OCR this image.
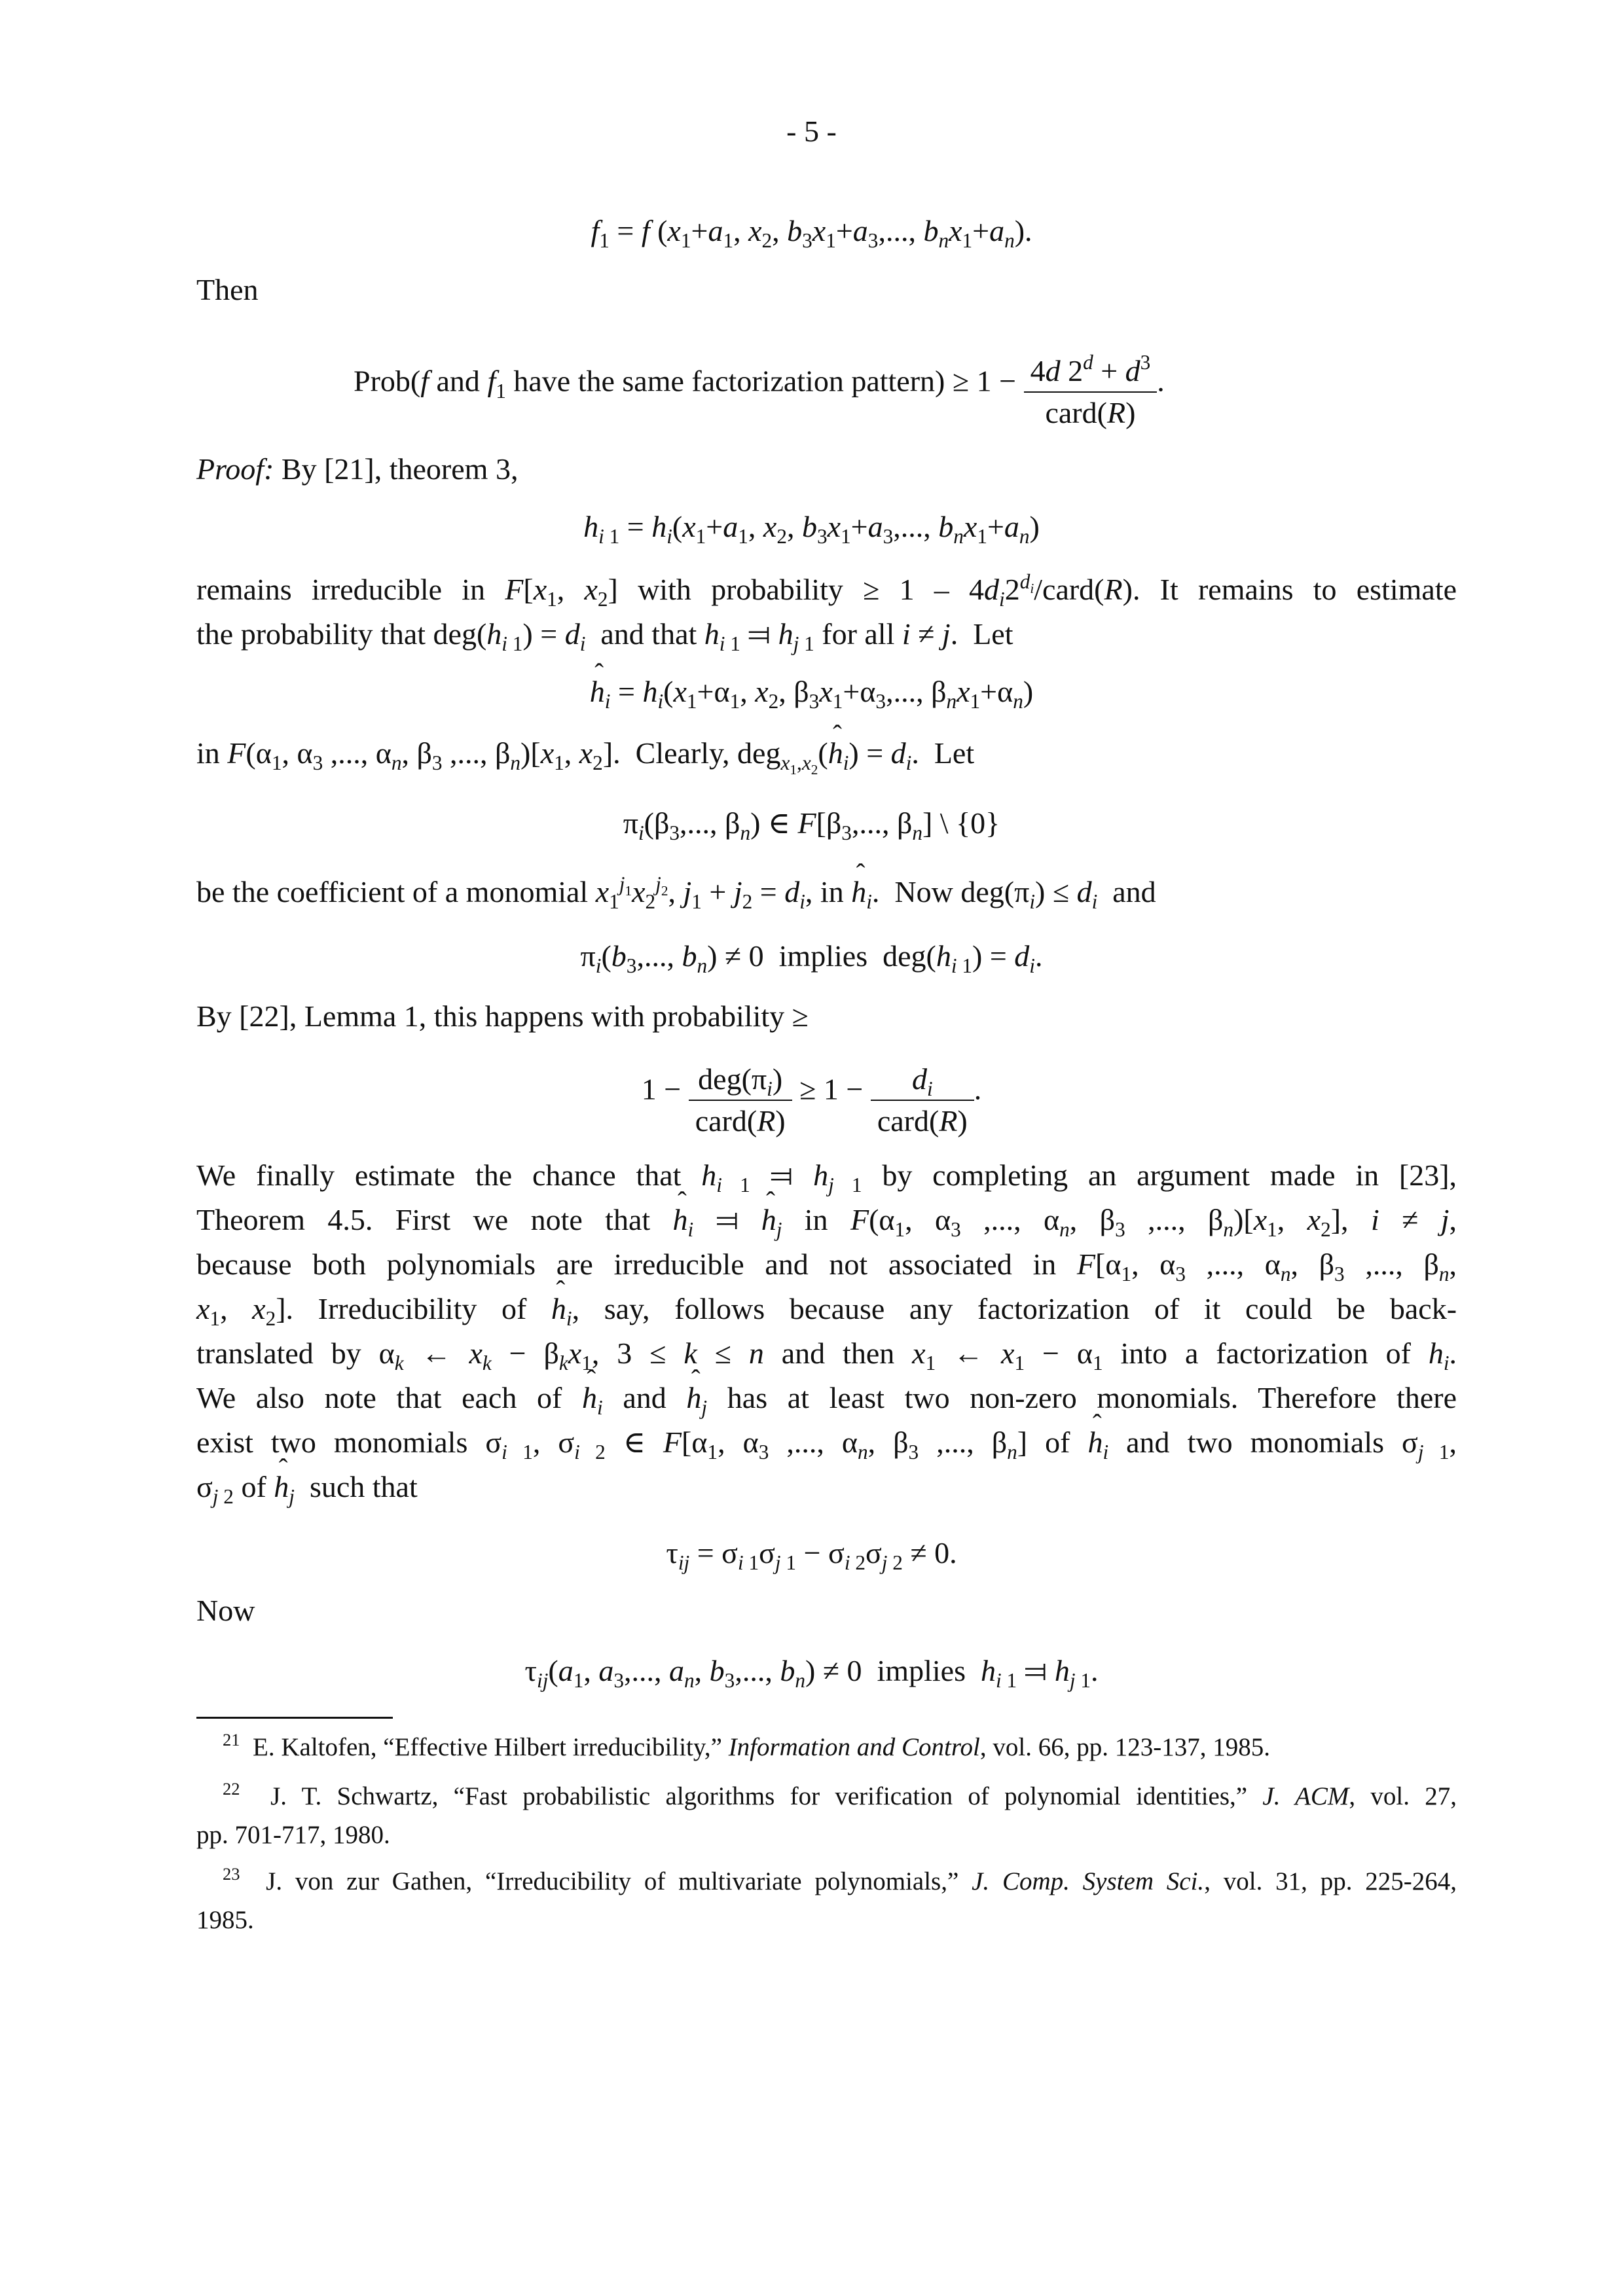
- 5 -
$f_1 = f$ ($x_1+a_1$, $x_2$, $b_3x_1+a_3$,..., $b_nx_1+a_n$).
Then
Prob(f and $f_1$ have the same factorization pattern) ≥ $1 - \frac{4d 2^d + d^3}{\text{card(R)}}$ .
Proof: By [21], theorem 3,
$h_{i 1} = h_i(x_1+a_1$, $x_2$, $b_3x_1+a_3$,..., $b_nx_1+a_n$)
remains irreducible in $F[x_1$, $x_2$] with probability ≥ $1 - 4d_i2^{d_i}/card(R)$. It remains to estimate
the probability that $deg(h_{i 1}) = d_i$ and that $h_{i 1}$ ⫤ $h_{j 1}$ for all i ≠ j.  Let
ˆ $h_i = h_i(x_1+\alpha_1$, $x_2$, $\beta_3x_1+\alpha_3$,..., $\beta_nx_1+\alpha_n$)
in $F(\alpha_1$, $\alpha_3$ ,..., $\alpha_n$, $\beta_3$ ,..., $\beta_n)[x_1$, $x_2$].  Clearly, deg$_{x_1,x_2}$(ˆ $h_i) = d_i$.  Let
$\pi_i(\beta_3$,..., $\beta_n$) ∈ $F[\beta_3$,..., $\beta_n$] \ {0}
be the coefficient of a monomial $x_1^{j_1}x_2^{j_2}$, $j_1 + j_2 = d_i$, in ˆ $h_i$.  Now $deg(\pi_i) \le d_i$ and
$\pi_i(b_3$,..., $b_n) \ne 0$  implies  $deg(h_{i 1}) = d_i$.
By [22], Lemma 1, this happens with probability ≥
$1 - \frac{deg(\pi_i)}{\text{card(R)}} \ge 1 - \frac{d_i}{\text{card(R)}}$ .
We finally estimate the chance that $h_{i 1}$ ⫤ $h_{j 1}$ by completing an argument made in [23],
Theorem 4.5. First we note that ˆ $h_i$ ⫤ ˆ $h_j$ in $F(\alpha_1$, $\alpha_3$ ,..., $\alpha_n$, $\beta_3$ ,..., $\beta_n)[x_1$, $x_2$], i ≠ j,
because both polynomials are irreducible and not associated in $F[\alpha_1$, $\alpha_3$ ,..., $\alpha_n$, $\beta_3$ ,..., $\beta_n$,
$x_1$, $x_2$]. Irreducibility of ˆ $h_i$, say, follows because any factorization of it could be back-
translated by $\alpha_k$ ← $x_k - \beta_kx_1$, 3 ≤ k ≤ n and then $x_1$ ← $x_1 - \alpha_1$ into a factorization of $h_i$.
We also note that each of ˆ $h_i$ and ˆ $h_j$ has at least two non-zero monomials. Therefore there
exist two monomials $\sigma_{i 1}$, $\sigma_{i 2}$ ∈ $F[\alpha_1$, $\alpha_3$ ,..., $\alpha_n$, $\beta_3$ ,..., $\beta_n$] of ˆ $h_i$ and two monomials $\sigma_{j 1}$,
$\sigma_{j 2}$ of ˆ $h_j$ such that
$\tau_{ij} = \sigma_{i 1}\sigma_{j 1} - \sigma_{i 2}\sigma_{j 2} \ne 0$.
Now
$\tau_{ij}(a_1$, $a_3$,..., $a_n$, $b_3$,..., $b_n) \ne 0$  implies $h_{i 1}$ ⫤ $h_{j 1}$.
$^{21}$ E. Kaltofen, “Effective Hilbert irreducibility,” Information and Control, vol. 66, pp. 123-137, 1985.
$^{22}$ J. T. Schwartz, “Fast probabilistic algorithms for verification of polynomial identities,” J. ACM, vol. 27,
pp. 701-717, 1980.
$^{23}$ J. von zur Gathen, “Irreducibility of multivariate polynomials,” J. Comp. System Sci., vol. 31, pp. 225-264,
1985.
